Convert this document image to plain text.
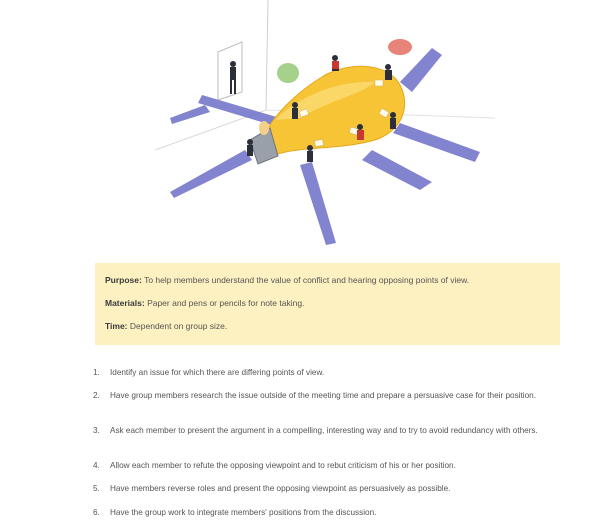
Purpose: To help members understand the value of conflict and hearing opposing points of view.
Materials: Paper and pens or pencils for note taking.
Time: Dependent on group size.
1.	Identify an issue for which there are differing points of view.
2.	Have group members research the issue outside of the meeting time and prepare a persuasive case for their position.
3.	Ask each member to present the argument in a compelling, interesting way and to try to avoid redundancy with others.
4.	Allow each member to refute the opposing viewpoint and to rebut criticism of his or her position.
5.	Have members reverse roles and present the opposing viewpoint as persuasively as possible.
6.	Have the group work to integrate members' positions from the discussion.
